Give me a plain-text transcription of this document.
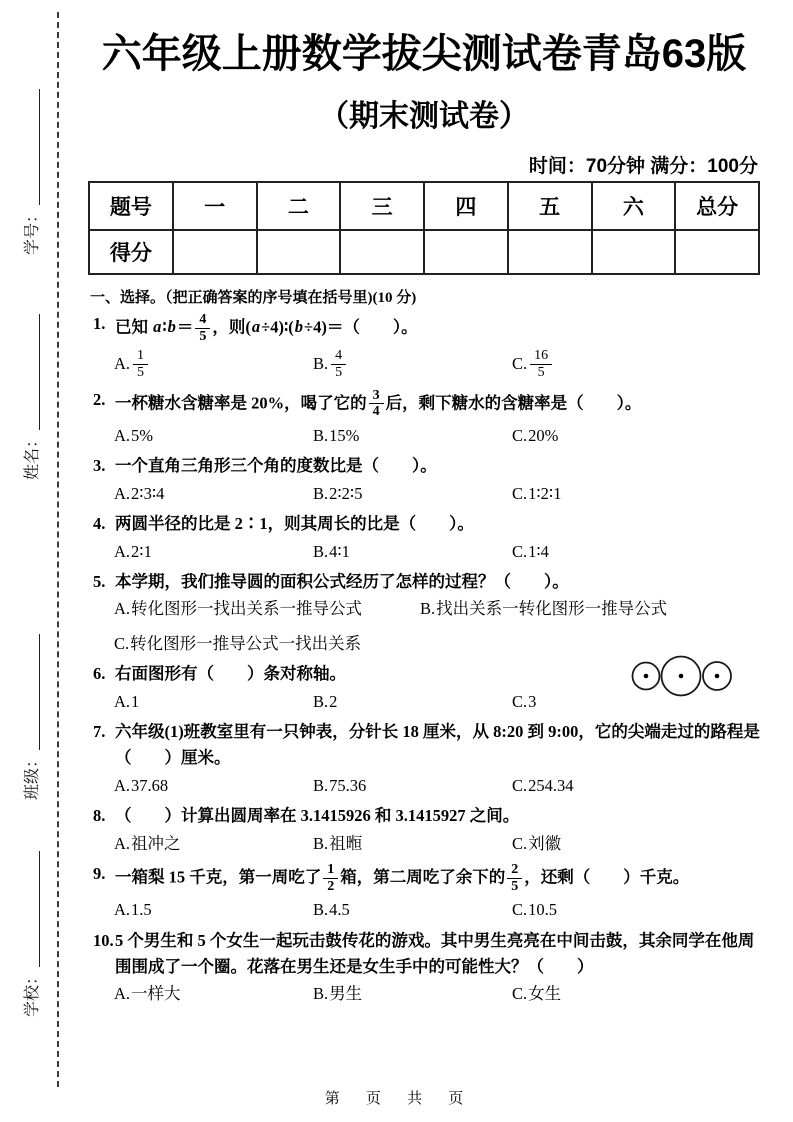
学号：
姓名：
班级：
学校：
六年级上册数学拔尖测试卷青岛63版
（期末测试卷）
时间：70分钟 满分：100分
题号	一	二	三	四	五	六	总分
得分							
一、选择。（把正确答案的序号填在括号里)(10 分)
1. 已知 a∶b＝ $\frac{4}{5}$ ，则(a÷4)∶(b÷4)＝（　　）。
A. $\frac{1}{5}$	B. $\frac{4}{5}$	C. $\frac{16}{5}$
2. 一杯糖水含糖率是 20%，喝了它的 $\frac{3}{4}$ 后，剩下糖水的含糖率是（　　）。
A.5%	B.15%	C.20%
3. 一个直角三角形三个角的度数比是（　　）。
A.2∶3∶4	B.2∶2∶5	C.1∶2∶1
4. 两圆半径的比是 2∶1，则其周长的比是（　　）。
A.2∶1	B.4∶1	C.1∶4
5. 本学期，我们推导圆的面积公式经历了怎样的过程？（　　）。
A.转化图形一找出关系一推导公式	B.找出关系一转化图形一推导公式
C.转化图形一推导公式一找出关系
6. 右面图形有（　　）条对称轴。
A.1	B.2	C.3
7. 六年级(1)班教室里有一只钟表，分针长 18 厘米，从 8:20 到 9:00，它的尖端走过的路程是（　　）厘米。
A.37.68	B.75.36	C.254.34
8. （　　）计算出圆周率在 3.1415926 和 3.1415927 之间。
A.祖冲之	B.祖暅	C.刘徽
9. 一箱梨 15 千克，第一周吃了 $\frac{1}{2}$ 箱，第二周吃了余下的 $\frac{2}{5}$ ，还剩（　　）千克。
A.1.5	B.4.5	C.10.5
10. 5 个男生和 5 个女生一起玩击鼓传花的游戏。其中男生亮亮在中间击鼓，其余同学在他周围围成了一个圈。花落在男生还是女生手中的可能性大？（　　）
A.一样大	B.男生	C.女生
第 页 共 页
